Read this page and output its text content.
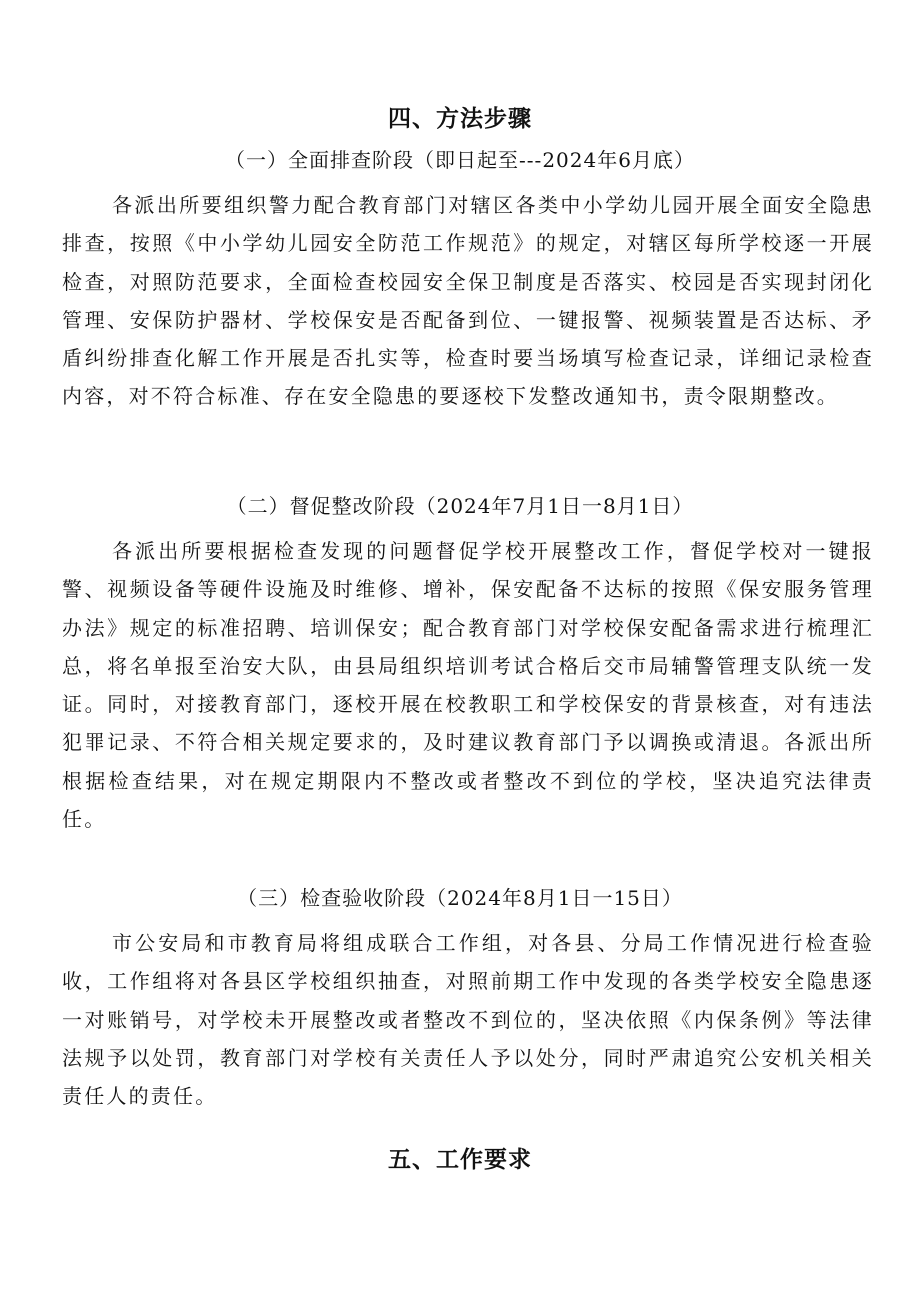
四、方法步骤
（一）全面排查阶段（即日起至---2024年6月底）

各派出所要组织警力配合教育部门对辖区各类中小学幼儿园开展全面安全隐患排查，按照《中小学幼儿园安全防范工作规范》的规定，对辖区每所学校逐一开展检查，对照防范要求，全面检查校园安全保卫制度是否落实、校园是否实现封闭化管理、安保防护器材、学校保安是否配备到位、一键报警、视频装置是否达标、矛盾纠纷排查化解工作开展是否扎实等，检查时要当场填写检查记录，详细记录检查内容，对不符合标准、存在安全隐患的要逐校下发整改通知书，责令限期整改。

（二）督促整改阶段（2024年7月1日一8月1日）

各派出所要根据检查发现的问题督促学校开展整改工作，督促学校对一键报警、视频设备等硬件设施及时维修、增补，保安配备不达标的按照《保安服务管理办法》规定的标准招聘、培训保安；配合教育部门对学校保安配备需求进行梳理汇总，将名单报至治安大队，由县局组织培训考试合格后交市局辅警管理支队统一发证。同时，对接教育部门，逐校开展在校教职工和学校保安的背景核查，对有违法犯罪记录、不符合相关规定要求的，及时建议教育部门予以调换或清退。各派出所根据检查结果，对在规定期限内不整改或者整改不到位的学校，坚决追究法律责任。

（三）检查验收阶段（2024年8月1日一15日）

市公安局和市教育局将组成联合工作组，对各县、分局工作情况进行检查验收，工作组将对各县区学校组织抽查，对照前期工作中发现的各类学校安全隐患逐一对账销号，对学校未开展整改或者整改不到位的，坚决依照《内保条例》等法律法规予以处罚，教育部门对学校有关责任人予以处分，同时严肃追究公安机关相关责任人的责任。

五、工作要求
